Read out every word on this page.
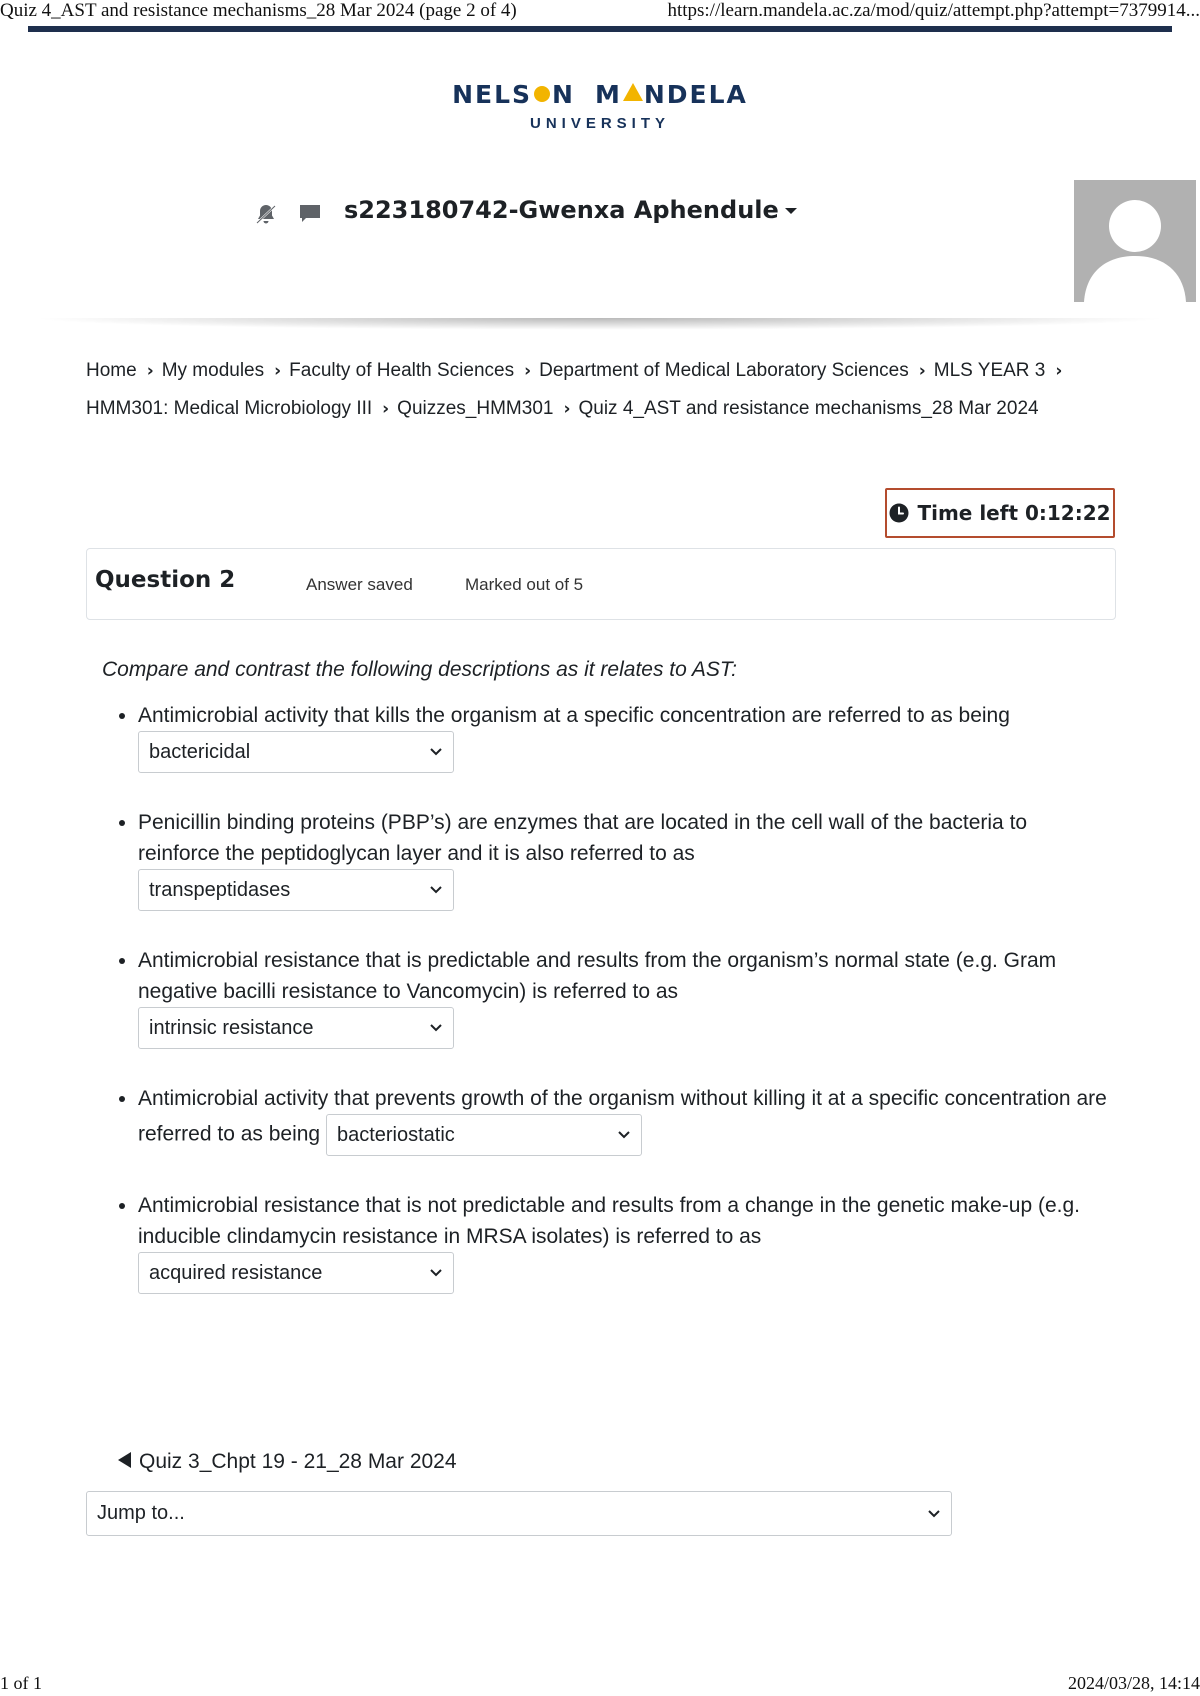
Quiz 4_AST and resistance mechanisms_28 Mar 2024 (page 2 of 4)	https://learn.mandela.ac.za/mod/quiz/attempt.php?attempt=7379914...
NELS N M NDELA
UNIVERSITY
s223180742-Gwenxa Aphendule
Home › My modules › Faculty of Health Sciences › Department of Medical Laboratory Sciences › MLS YEAR 3 ›HMM301: Medical Microbiology III › Quizzes_HMM301 › Quiz 4_AST and resistance mechanisms_28 Mar 2024
Time left 0:12:22
Question 2	Answer saved	Marked out of 5

Compare and contrast the following descriptions as it relates to AST:

• Antimicrobial activity that kills the organism at a specific concentration are referred to as being
bactericidal
• Penicillin binding proteins (PBP’s) are enzymes that are located in the cell wall of the bacteria to reinforce the peptidoglycan layer and it is also referred to as

transpeptidases
• Antimicrobial resistance that is predictable and results from the organism’s normal state (e.g. Gram negative bacilli resistance to Vancomycin) is referred to as

intrinsic resistance
• Antimicrobial activity that prevents growth of the organism without killing it at a specific concentration are referred to as being bacteriostatic
• Antimicrobial resistance that is not predictable and results from a change in the genetic make-up (e.g. inducible clindamycin resistance in MRSA isolates) is referred to as

acquired resistance
Quiz 3_Chpt 19 - 21_28 Mar 2024
Jump to...
1 of 1	2024/03/28, 14:14
